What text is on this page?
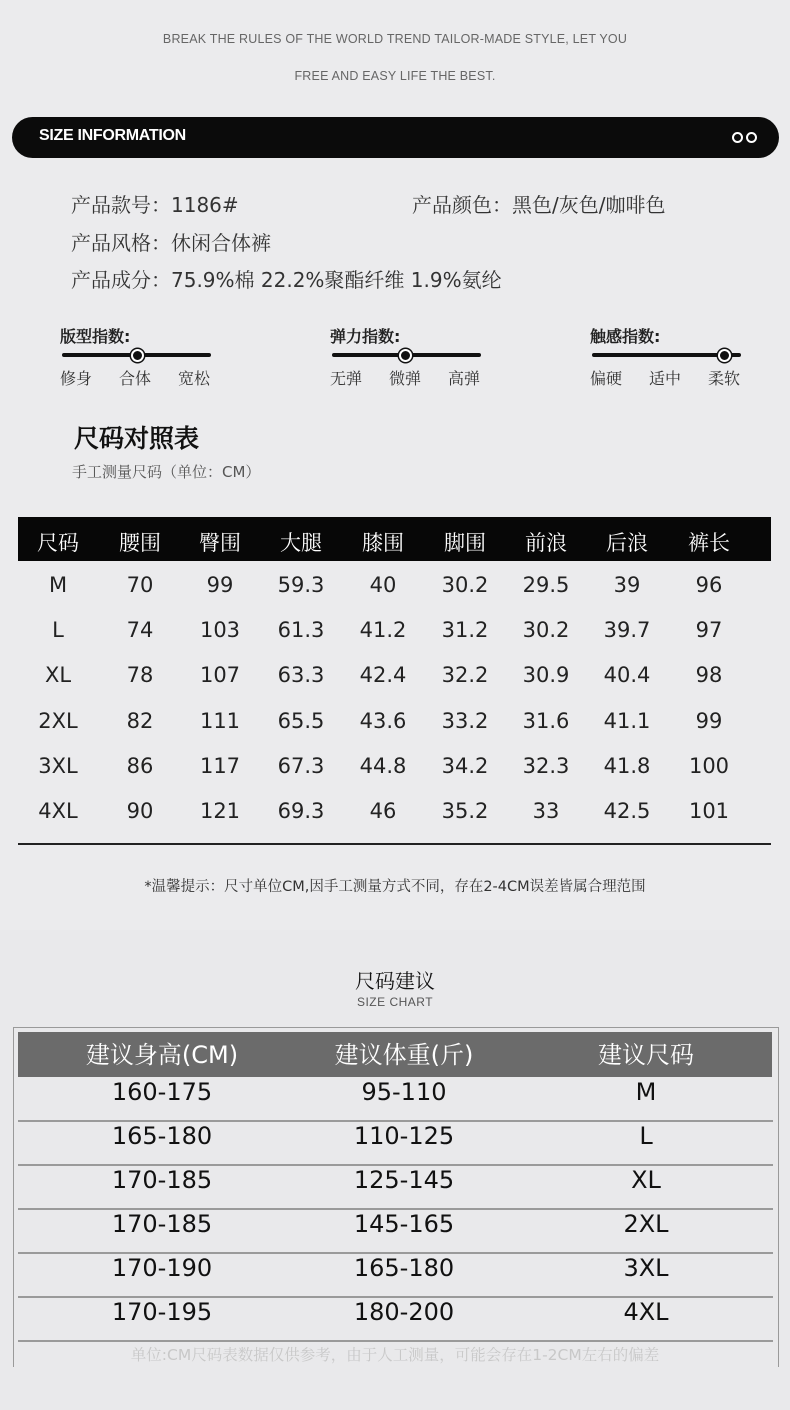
BREAK THE RULES OF THE WORLD TREND TAILOR-MADE STYLE, LET YOU
FREE AND EASY LIFE THE BEST.
SIZE INFORMATION
产品款号：1186#	产品颜色：黑色/灰色/咖啡色
产品风格：休闲合体裤
产品成分：75.9%棉 22.2%聚酯纤维 1.9%氨纶
版型指数:
修身 合体 宽松
弹力指数:
无弹 微弹 高弹
触感指数:
偏硬 适中 柔软
尺码对照表
手工测量尺码（单位：CM）
尺码	腰围	臀围	大腿	膝围	脚围	前浪	后浪	裤长
M	70	99	59.3	40	30.2	29.5	39	96
L	74	103	61.3	41.2	31.2	30.2	39.7	97
XL	78	107	63.3	42.4	32.2	30.9	40.4	98
2XL	82	111	65.5	43.6	33.2	31.6	41.1	99
3XL	86	117	67.3	44.8	34.2	32.3	41.8	100
4XL	90	121	69.3	46	35.2	33	42.5	101
*温馨提示：尺寸单位CM,因手工测量方式不同，存在2-4CM误差皆属合理范围
尺码建议
SIZE CHART
建议身高(CM)	建议体重(斤)	建议尺码
160-175	95-110	M
165-180	110-125	L
170-185	125-145	XL
170-185	145-165	2XL
170-190	165-180	3XL
170-195	180-200	4XL
单位:CM尺码表数据仅供参考，由于人工测量，可能会存在1-2CM左右的偏差
